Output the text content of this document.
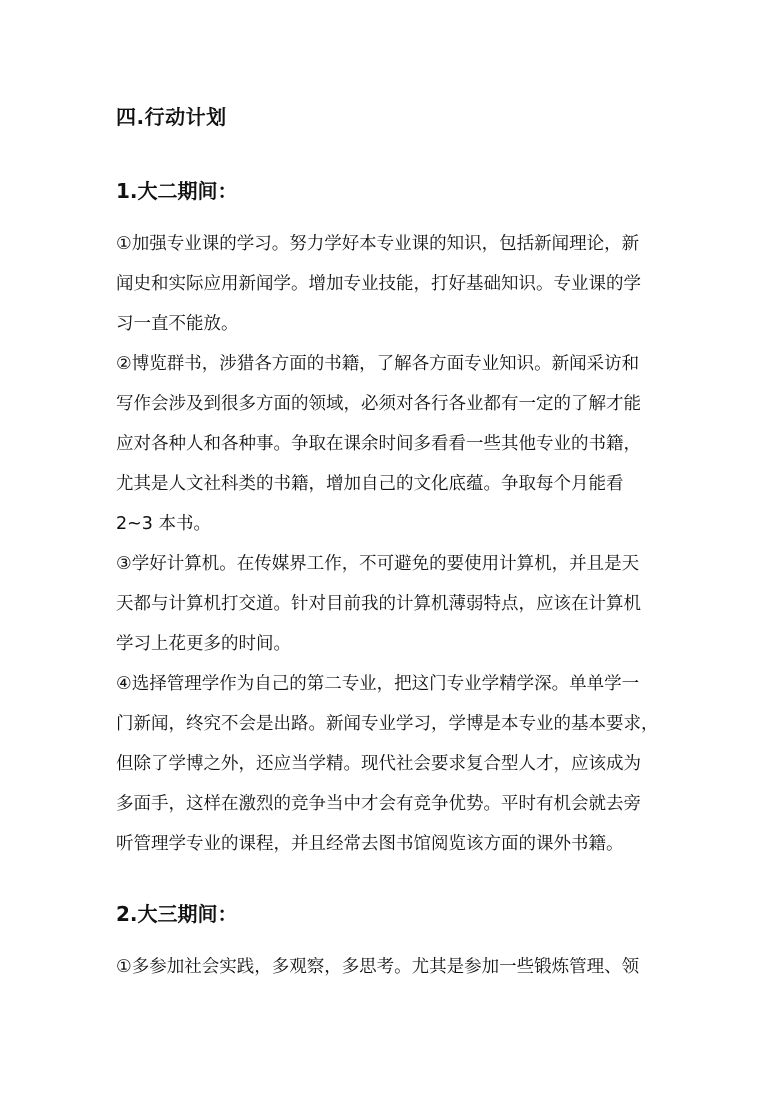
四.行动计划
1.大二期间：
①加强专业课的学习。努力学好本专业课的知识，包括新闻理论，新
闻史和实际应用新闻学。增加专业技能，打好基础知识。专业课的学
习一直不能放。
②博览群书，涉猎各方面的书籍，了解各方面专业知识。新闻采访和
写作会涉及到很多方面的领域，必须对各行各业都有一定的了解才能
应对各种人和各种事。争取在课余时间多看看一些其他专业的书籍，
尤其是人文社科类的书籍，增加自己的文化底蕴。争取每个月能看
2~3 本书。
③学好计算机。在传媒界工作，不可避免的要使用计算机，并且是天
天都与计算机打交道。针对目前我的计算机薄弱特点，应该在计算机
学习上花更多的时间。
④选择管理学作为自己的第二专业，把这门专业学精学深。单单学一
门新闻，终究不会是出路。新闻专业学习，学博是本专业的基本要求，
但除了学博之外，还应当学精。现代社会要求复合型人才，应该成为
多面手，这样在激烈的竞争当中才会有竞争优势。平时有机会就去旁
听管理学专业的课程，并且经常去图书馆阅览该方面的课外书籍。
2.大三期间：
①多参加社会实践，多观察，多思考。尤其是参加一些锻炼管理、领
